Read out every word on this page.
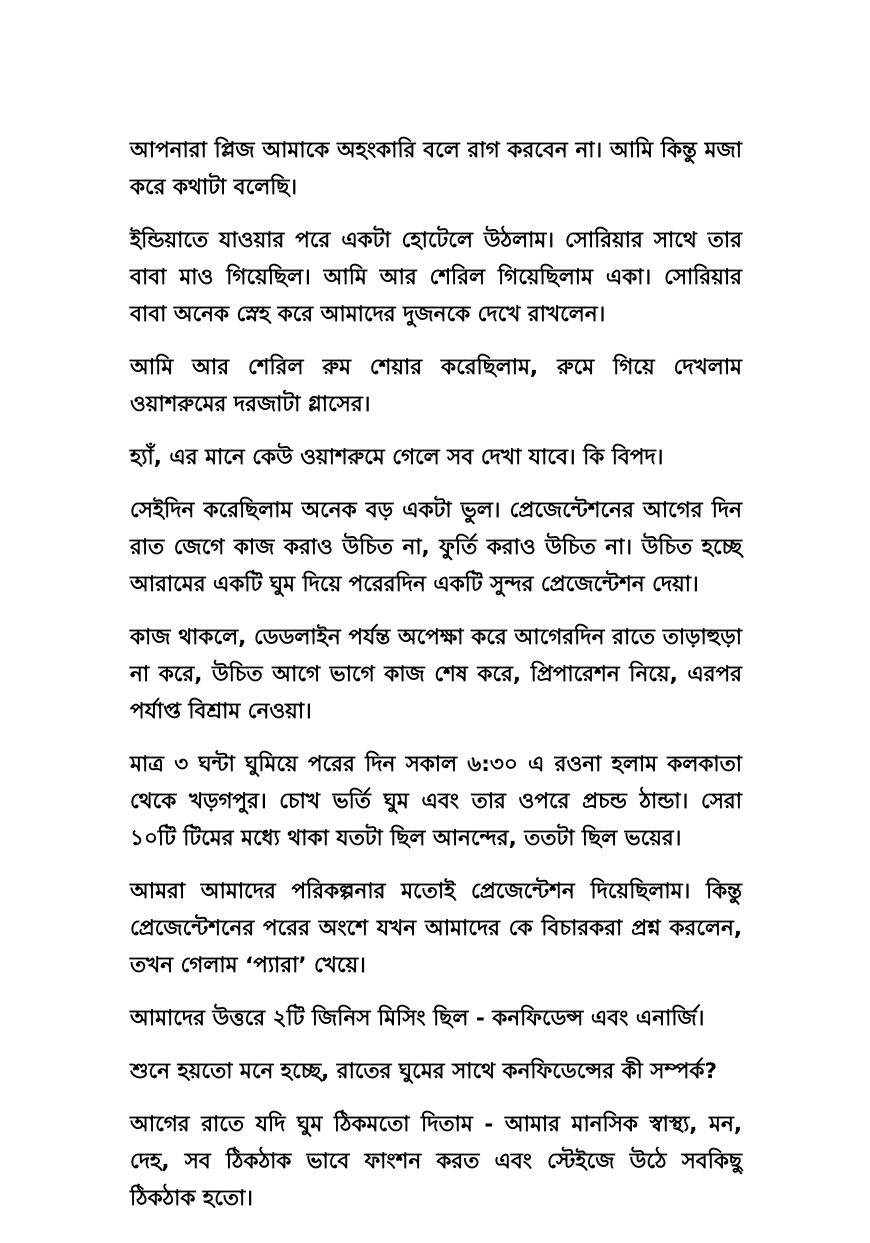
আপনারা প্লিজ আমাকে অহংকারি বলে রাগ করবেন না। আমি কিন্তু মজা করে কথাটা বলেছি।

ইন্ডিয়াতে যাওয়ার পরে একটা হোটেলে উঠলাম। সোরিয়ার সাথে তার বাবা মাও গিয়েছিল। আমি আর শেরিল গিয়েছিলাম একা। সোরিয়ার বাবা অনেক স্নেহ করে আমাদের দুজনকে দেখে রাখলেন।

আমি আর শেরিল রুম শেয়ার করেছিলাম, রুমে গিয়ে দেখলাম ওয়াশরুমের দরজাটা গ্লাসের।

হ্যাঁ, এর মানে কেউ ওয়াশরুমে গেলে সব দেখা যাবে। কি বিপদ।

সেইদিন করেছিলাম অনেক বড় একটা ভুল। প্রেজেন্টেশনের আগের দিন রাত জেগে কাজ করাও উচিত না, ফুর্তি করাও উচিত না। উচিত হচ্ছে আরামের একটি ঘুম দিয়ে পরেরদিন একটি সুন্দর প্রেজেন্টেশন দেয়া।

কাজ থাকলে, ডেডলাইন পর্যন্ত অপেক্ষা করে আগেরদিন রাতে তাড়াহুড়া না করে, উচিত আগে ভাগে কাজ শেষ করে, প্রিপারেশন নিয়ে, এরপর পর্যাপ্ত বিশ্রাম নেওয়া।

মাত্র ৩ ঘন্টা ঘুমিয়ে পরের দিন সকাল ৬:৩০ এ রওনা হলাম কলকাতা থেকে খড়গপুর। চোখ ভর্তি ঘুম এবং তার ওপরে প্রচন্ড ঠান্ডা। সেরা ১০টি টিমের মধ্যে থাকা যতটা ছিল আনন্দের, ততটা ছিল ভয়ের।

আমরা আমাদের পরিকল্পনার মতোই প্রেজেন্টেশন দিয়েছিলাম। কিন্তু প্রেজেন্টেশনের পরের অংশে যখন আমাদের কে বিচারকরা প্রশ্ন করলেন, তখন গেলাম ‘প্যারা’ খেয়ে।

আমাদের উত্তরে ২টি জিনিস মিসিং ছিল - কনফিডেন্স এবং এনার্জি।

শুনে হয়তো মনে হচ্ছে, রাতের ঘুমের সাথে কনফিডেন্সের কী সম্পর্ক?

আগের রাতে যদি ঘুম ঠিকমতো দিতাম - আমার মানসিক স্বাস্থ্য, মন, দেহ, সব ঠিকঠাক ভাবে ফাংশন করত এবং স্টেইজে উঠে সবকিছু ঠিকঠাক হতো।
